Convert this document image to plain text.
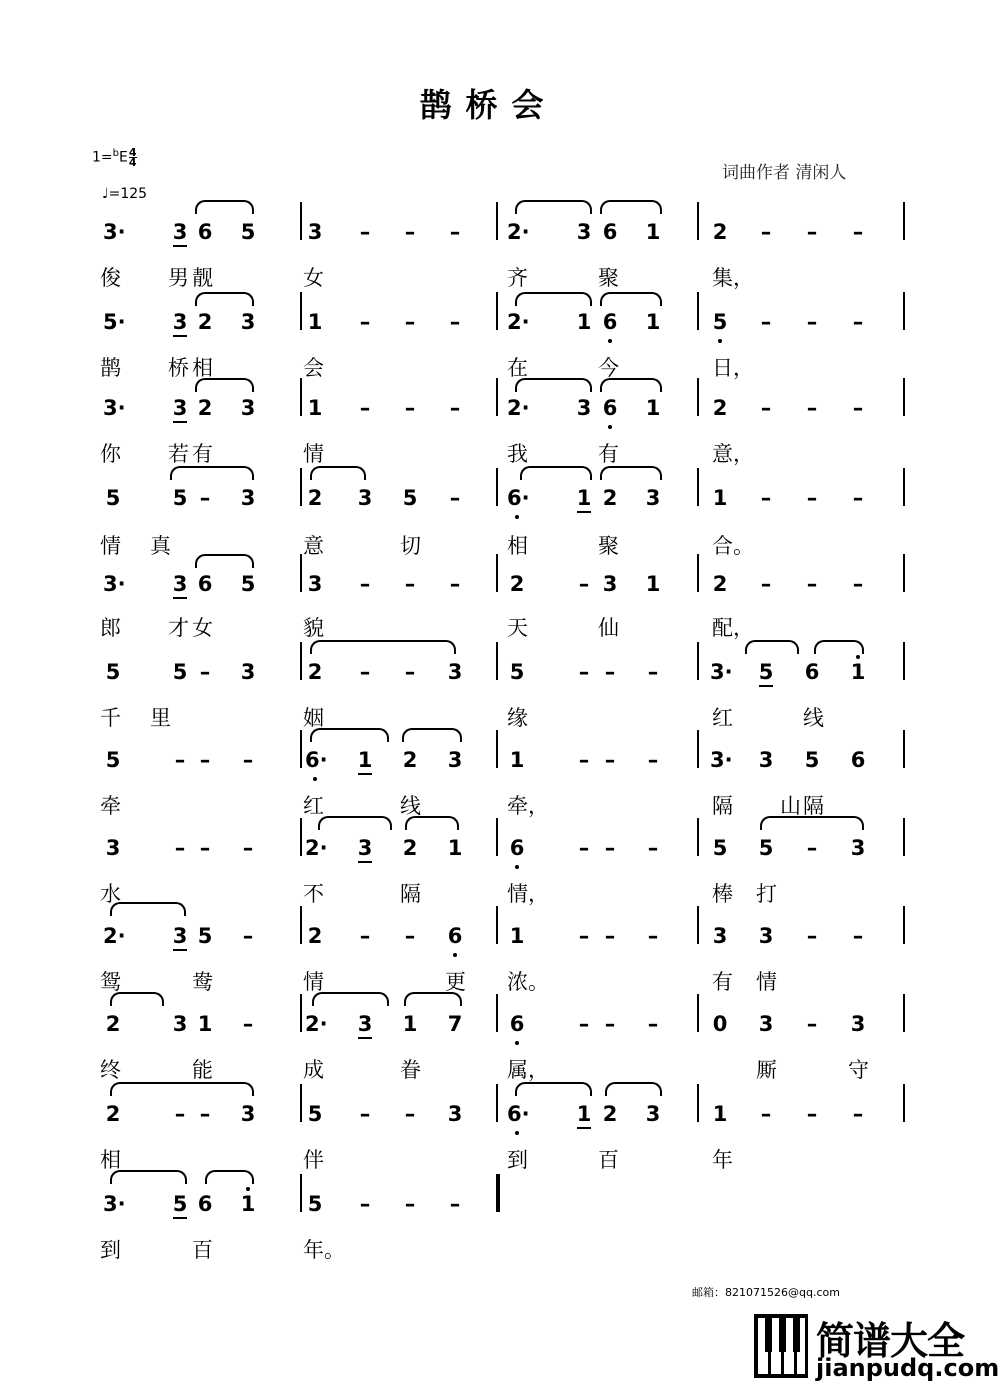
鹊桥会
$1=^bE \frac{4}{4}$
♩=125
词曲作者 清闲人
3· 3 6 5 3 – – – 2· 3 6 1 2 – – –
俊 男 靓	女	齐	聚	集，
5· 3 2 3 1 – – – 2· 1 6 1 5 – – –
鹊 桥 相	会	在	今	日，
3· 3 2 3 1 – – – 2· 3 6 1 2 – – –
你 若 有	情	我	有	意，
5 5 – 3 2 3 5 – 6· 1 2 3 1 – – –
情 真	意	切	相	聚	合。
3· 3 6 5 3 – – – 2	– 3 1 2 – – –
郎 才 女	貌	天	仙	配，
5 5 – 3 2 – – 3 5	– – – 3· 5 6 1
千 里	姻	缘	红	线
5	– – – 6· 1 2 3 1	– – – 3· 3 5 6
牵	红	线	牵，	隔 山 隔
3	– – – 2· 3 2 1 6	– – –	5 5 – 3
水	不	隔	情，	棒 打
2· 3 5 –	2 – – 6 1	– – –	3 3 – –
鸳	鸯	情	更 浓。	有 情
2 3 1 – 2· 3 1 7 6	– – –	0 3 – 3
终	能	成	眷	属，	厮	守
2	– – 3 5 – – 3 6· 1 2 3 1 – – –
相	伴	到	百	年
3· 5 6 1 5 – – –
到	百	年。
邮箱：821071526@qq.com
简谱大全
jianpudq.com
